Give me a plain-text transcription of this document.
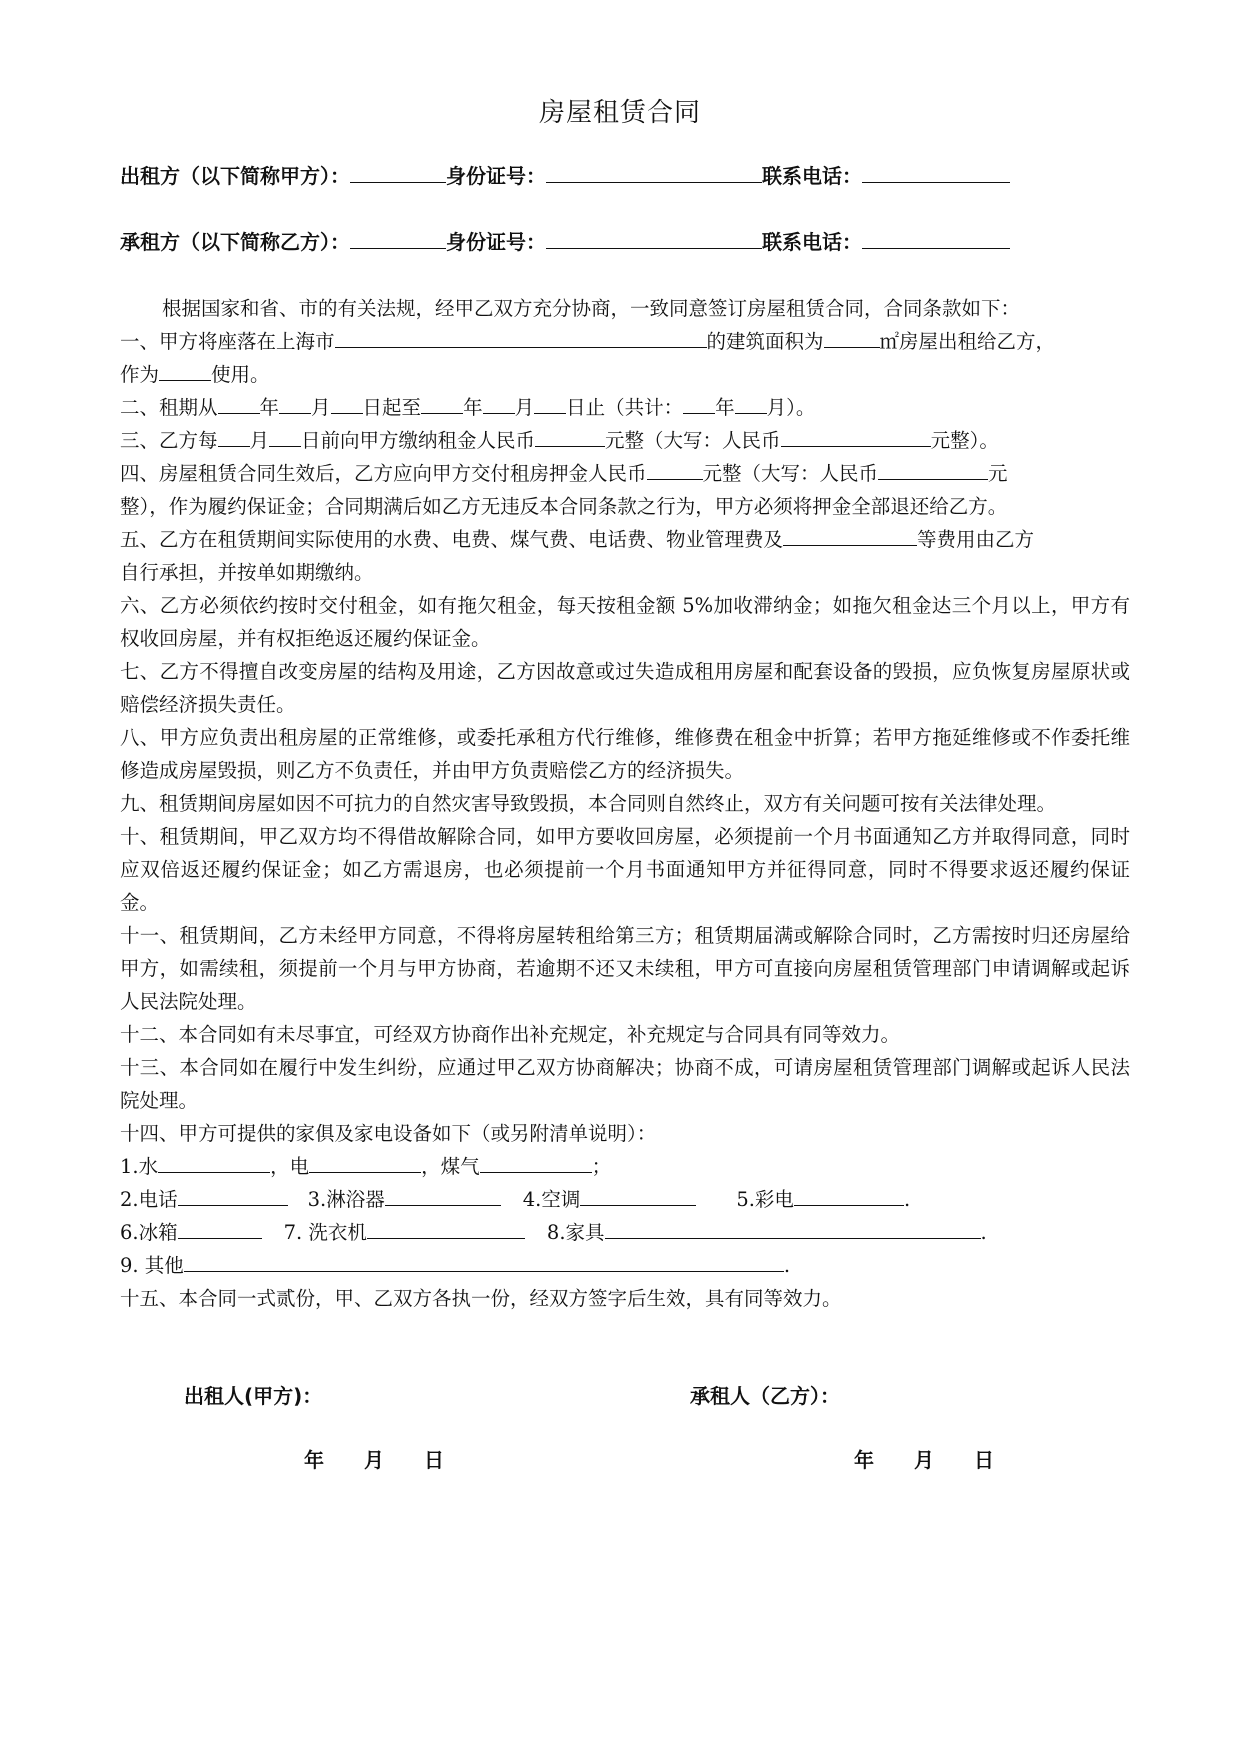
房屋租赁合同
出租方（以下简称甲方）：	身份证号：	联系电话：
承租方（以下简称乙方）：	身份证号：	联系电话：

根据国家和省、市的有关法规，经甲乙双方充分协商，一致同意签订房屋租赁合同，合同条款如下：

一、甲方将座落在上海市	的建筑面积为	㎡房屋出租给乙方，

作为	使用。

二、租期从 年 月 日起至 年 月 日止（共计： 年 月）。

三、乙方每 月 日前向甲方缴纳租金人民币	元整（大写：人民币	元整）。

四、房屋租赁合同生效后，乙方应向甲方交付租房押金人民币	元整（大写：人民币	元

整），作为履约保证金；合同期满后如乙方无违反本合同条款之行为，甲方必须将押金全部退还给乙方。

五、乙方在租赁期间实际使用的水费、电费、煤气费、电话费、物业管理费及	等费用由乙方

自行承担，并按单如期缴纳。

六、乙方必须依约按时交付租金，如有拖欠租金，每天按租金额 5%加收滞纳金；如拖欠租金达三个月以上，甲方有权收回房屋，并有权拒绝返还履约保证金。

七、乙方不得擅自改变房屋的结构及用途，乙方因故意或过失造成租用房屋和配套设备的毁损，应负恢复房屋原状或赔偿经济损失责任。

八、甲方应负责出租房屋的正常维修，或委托承租方代行维修，维修费在租金中折算；若甲方拖延维修或不作委托维修造成房屋毁损，则乙方不负责任，并由甲方负责赔偿乙方的经济损失。

九、租赁期间房屋如因不可抗力的自然灾害导致毁损，本合同则自然终止，双方有关问题可按有关法律处理。

十、租赁期间，甲乙双方均不得借故解除合同，如甲方要收回房屋，必须提前一个月书面通知乙方并取得同意，同时应双倍返还履约保证金；如乙方需退房，也必须提前一个月书面通知甲方并征得同意，同时不得要求返还履约保证金。

十一、租赁期间，乙方未经甲方同意，不得将房屋转租给第三方；租赁期届满或解除合同时，乙方需按时归还房屋给甲方，如需续租，须提前一个月与甲方协商，若逾期不还又未续租，甲方可直接向房屋租赁管理部门申请调解或起诉人民法院处理。

十二、本合同如有未尽事宜，可经双方协商作出补充规定，补充规定与合同具有同等效力。

十三、本合同如在履行中发生纠纷，应通过甲乙双方协商解决；协商不成，可请房屋租赁管理部门调解或起诉人民法院处理。

十四、甲方可提供的家俱及家电设备如下（或另附清单说明）：

1.水	，电	，煤气	；

2.电话	3.淋浴器	4.空调	5.彩电	.

6.冰箱	7. 洗衣机	8.家具	.

9. 其他	.

十五、本合同一式贰份，甲、乙双方各执一份，经双方签字后生效，具有同等效力。

出租人(甲方)：	承租人（乙方）：
年 月 日	年 月 日
